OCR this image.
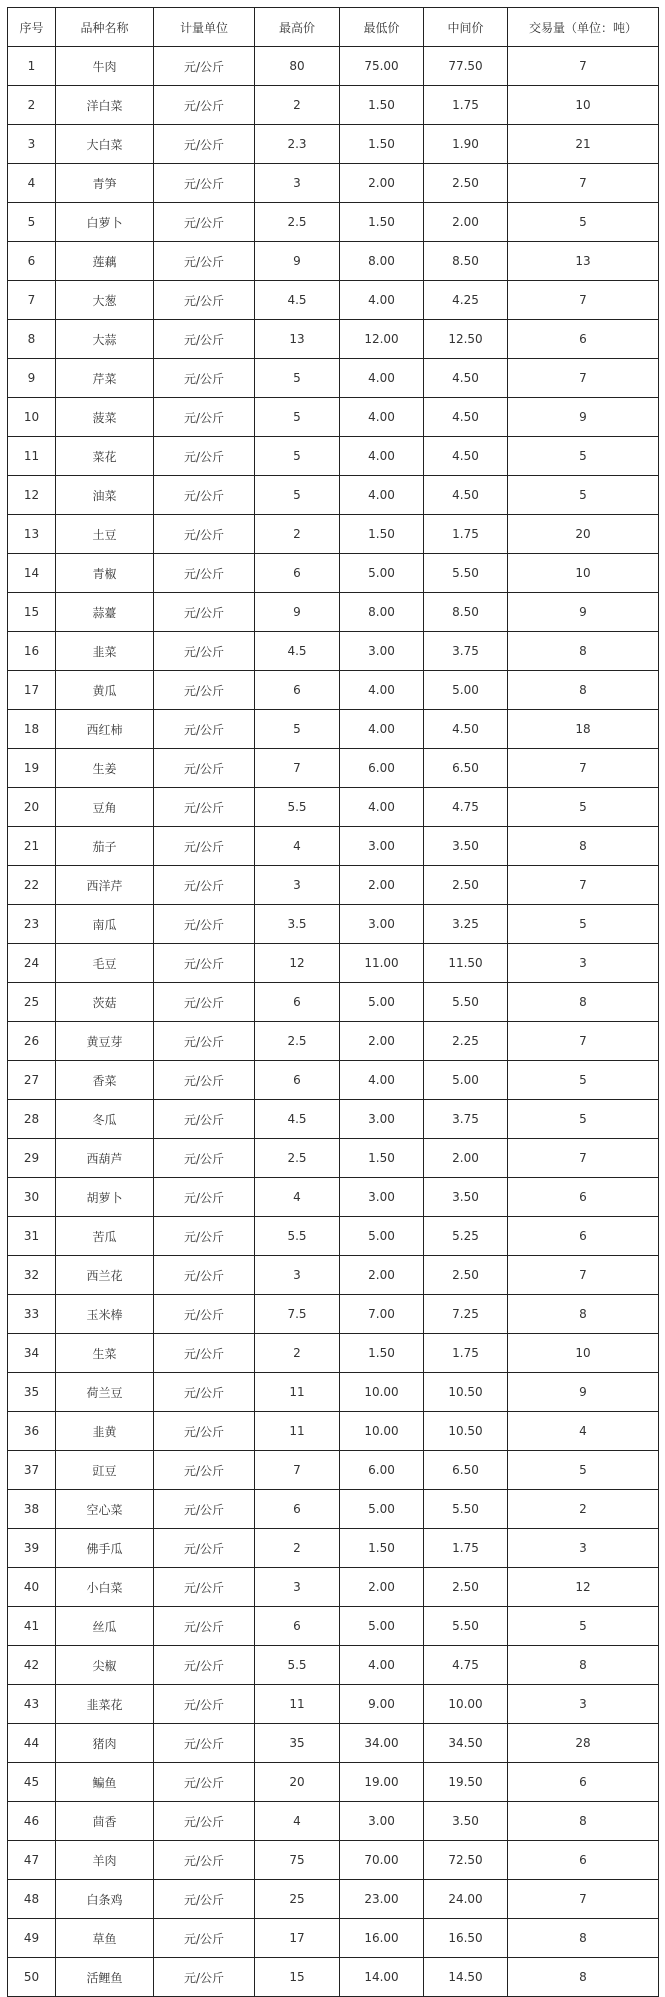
序号	品种名称	计量单位	最高价	最低价	中间价	交易量（单位：吨）
1	牛肉	元/公斤	80	75.00	77.50	7
2	洋白菜	元/公斤	2	1.50	1.75	10
3	大白菜	元/公斤	2.3	1.50	1.90	21
4	青笋	元/公斤	3	2.00	2.50	7
5	白萝卜	元/公斤	2.5	1.50	2.00	5
6	莲藕	元/公斤	9	8.00	8.50	13
7	大葱	元/公斤	4.5	4.00	4.25	7
8	大蒜	元/公斤	13	12.00	12.50	6
9	芹菜	元/公斤	5	4.00	4.50	7
10	菠菜	元/公斤	5	4.00	4.50	9
11	菜花	元/公斤	5	4.00	4.50	5
12	油菜	元/公斤	5	4.00	4.50	5
13	土豆	元/公斤	2	1.50	1.75	20
14	青椒	元/公斤	6	5.00	5.50	10
15	蒜薹	元/公斤	9	8.00	8.50	9
16	韭菜	元/公斤	4.5	3.00	3.75	8
17	黄瓜	元/公斤	6	4.00	5.00	8
18	西红柿	元/公斤	5	4.00	4.50	18
19	生姜	元/公斤	7	6.00	6.50	7
20	豆角	元/公斤	5.5	4.00	4.75	5
21	茄子	元/公斤	4	3.00	3.50	8
22	西洋芹	元/公斤	3	2.00	2.50	7
23	南瓜	元/公斤	3.5	3.00	3.25	5
24	毛豆	元/公斤	12	11.00	11.50	3
25	茨菇	元/公斤	6	5.00	5.50	8
26	黄豆芽	元/公斤	2.5	2.00	2.25	7
27	香菜	元/公斤	6	4.00	5.00	5
28	冬瓜	元/公斤	4.5	3.00	3.75	5
29	西葫芦	元/公斤	2.5	1.50	2.00	7
30	胡萝卜	元/公斤	4	3.00	3.50	6
31	苦瓜	元/公斤	5.5	5.00	5.25	6
32	西兰花	元/公斤	3	2.00	2.50	7
33	玉米棒	元/公斤	7.5	7.00	7.25	8
34	生菜	元/公斤	2	1.50	1.75	10
35	荷兰豆	元/公斤	11	10.00	10.50	9
36	韭黄	元/公斤	11	10.00	10.50	4
37	豇豆	元/公斤	7	6.00	6.50	5
38	空心菜	元/公斤	6	5.00	5.50	2
39	佛手瓜	元/公斤	2	1.50	1.75	3
40	小白菜	元/公斤	3	2.00	2.50	12
41	丝瓜	元/公斤	6	5.00	5.50	5
42	尖椒	元/公斤	5.5	4.00	4.75	8
43	韭菜花	元/公斤	11	9.00	10.00	3
44	猪肉	元/公斤	35	34.00	34.50	28
45	鳊鱼	元/公斤	20	19.00	19.50	6
46	茴香	元/公斤	4	3.00	3.50	8
47	羊肉	元/公斤	75	70.00	72.50	6
48	白条鸡	元/公斤	25	23.00	24.00	7
49	草鱼	元/公斤	17	16.00	16.50	8
50	活鲤鱼	元/公斤	15	14.00	14.50	8
